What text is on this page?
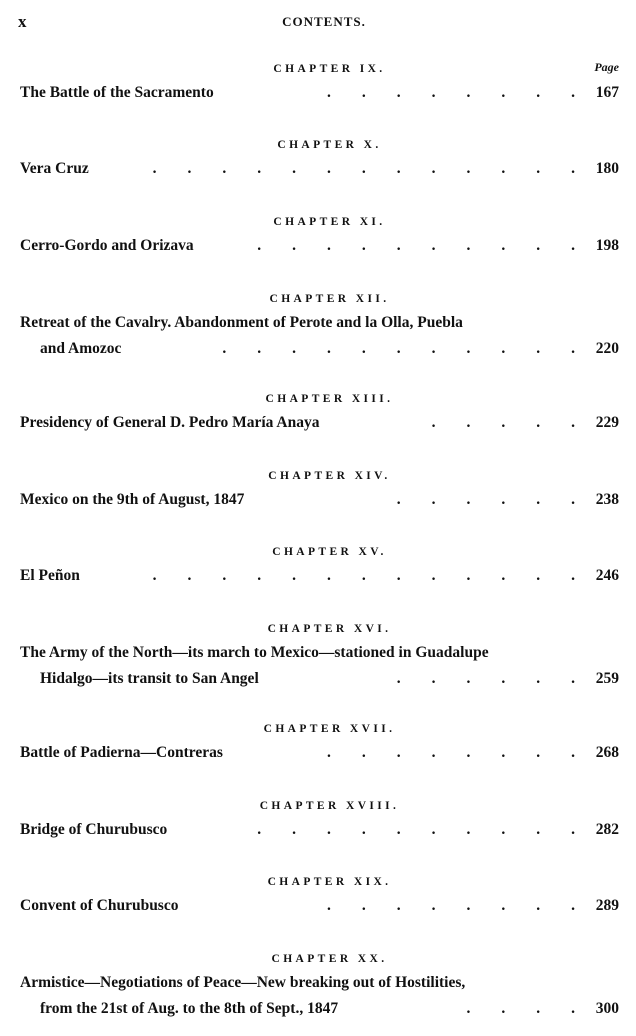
x	CONTENTS.
CHAPTER IX.	Page
The Battle of the Sacramento	.    .    .    .    .    .    .    . 167
CHAPTER X.
Vera Cruz	.    .    .    .    .    .    .    .    .    .    .    .    . 180
CHAPTER XI.
Cerro-Gordo and Orizava	.    .    .    .    .    .    .    .    .    . 198
CHAPTER XII.
Retreat of the Cavalry. Abandonment of Perote and la Olla, Puebla
and Amozoc	.    .    .    .    .    .    .    .    .    .    . 220
CHAPTER XIII.
Presidency of General D. Pedro María Anaya	.    .    .    .    . 229
CHAPTER XIV.
Mexico on the 9th of August, 1847	.    .    .    .    .    . 238
CHAPTER XV.
El Peñon	.    .    .    .    .    .    .    .    .    .    .    .    . 246
CHAPTER XVI.
The Army of the North—its march to Mexico—stationed in Guadalupe
Hidalgo—its transit to San Angel	.    .    .    .    .    . 259
CHAPTER XVII.
Battle of Padierna—Contreras	.    .    .    .    .    .    .    . 268
CHAPTER XVIII.
Bridge of Churubusco	.    .    .    .    .    .    .    .    .    . 282
CHAPTER XIX.
Convent of Churubusco	.    .    .    .    .    .    .    . 289
CHAPTER XX.
Armistice—Negotiations of Peace—New breaking out of Hostilities,
from the 21st of Aug. to the 8th of Sept., 1847	.    .    .    . 300
